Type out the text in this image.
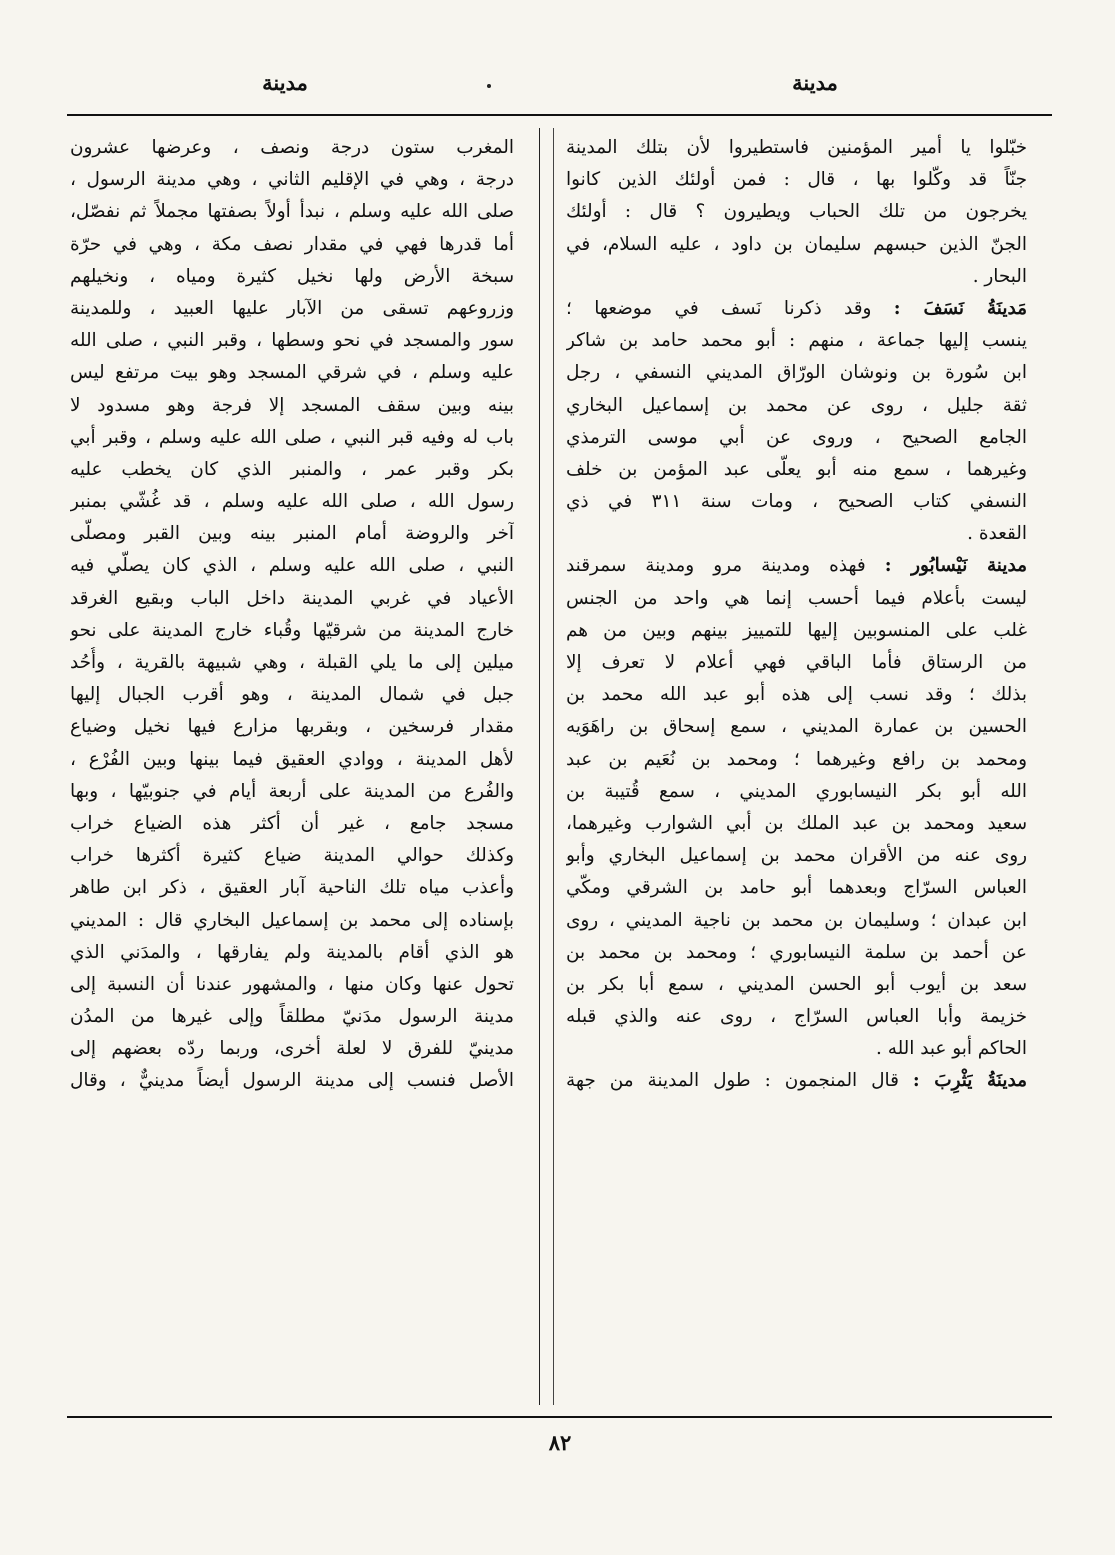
مدينة
مدينة
خبّلوا يا أمير المؤمنين فاستطيروا لأن بتلك المدينة
جنّاً قد وكّلوا بها ، قال : فمن أولئك الذين كانوا
يخرجون من تلك الحباب ويطيرون ؟ قال : أولئك
الجنّ الذين حبسهم سليمان بن داود ، عليه السلام، في
البحار .
مَدينَةُ نَسَفَ : وقد ذكرنا نَسف في موضعها ؛
ينسب إليها جماعة ، منهم : أبو محمد حامد بن شاكر
ابن سُورة بن ونوشان الورّاق المديني النسفي ، رجل
ثقة جليل ، روى عن محمد بن إسماعيل البخاري
الجامع الصحيح ، وروى عن أبي موسى الترمذي
وغيرهما ، سمع منه أبو يعلّى عبد المؤمن بن خلف
النسفي كتاب الصحيح ، ومات سنة ٣١١ في ذي
القعدة .
مدينة نَيْسابُور : فهذه ومدينة مرو ومدينة سمرقند
ليست بأعلام فيما أحسب إنما هي واحد من الجنس
غلب على المنسوبين إليها للتمييز بينهم وبين من هم
من الرستاق فأما الباقي فهي أعلام لا تعرف إلا
بذلك ؛ وقد نسب إلى هذه أبو عبد الله محمد بن
الحسين بن عمارة المديني ، سمع إسحاق بن راهَوَيه
ومحمد بن رافع وغيرهما ؛ ومحمد بن نُعَيم بن عبد
الله أبو بكر النيسابوري المديني ، سمع قُتيبة بن
سعيد ومحمد بن عبد الملك بن أبي الشوارب وغيرهما،
روى عنه من الأقران محمد بن إسماعيل البخاري وأبو
العباس السرّاج وبعدهما أبو حامد بن الشرقي ومكّي
ابن عبدان ؛ وسليمان بن محمد بن ناجية المديني ، روى
عن أحمد بن سلمة النيسابوري ؛ ومحمد بن محمد بن
سعد بن أيوب أبو الحسن المديني ، سمع أبا بكر بن
خزيمة وأبا العباس السرّاج ، روى عنه والذي قبله
الحاكم أبو عبد الله .
مدينَةُ يَثْرِبَ : قال المنجمون : طول المدينة من جهة
المغرب ستون درجة ونصف ، وعرضها عشرون
درجة ، وهي في الإقليم الثاني ، وهي مدينة الرسول ،
صلى الله عليه وسلم ، نبدأ أولاً بصفتها مجملاً ثم نفصّل،
أما قدرها فهي في مقدار نصف مكة ، وهي في حرّة
سبخة الأرض ولها نخيل كثيرة ومياه ، ونخيلهم
وزروعهم تسقى من الآبار عليها العبيد ، وللمدينة
سور والمسجد في نحو وسطها ، وقبر النبي ، صلى الله
عليه وسلم ، في شرقي المسجد وهو بيت مرتفع ليس
بينه وبين سقف المسجد إلا فرجة وهو مسدود لا
باب له وفيه قبر النبي ، صلى الله عليه وسلم ، وقبر أبي
بكر وقبر عمر ، والمنبر الذي كان يخطب عليه
رسول الله ، صلى الله عليه وسلم ، قد غُشّي بمنبر
آخر والروضة أمام المنبر بينه وبين القبر ومصلّى
النبي ، صلى الله عليه وسلم ، الذي كان يصلّي فيه
الأعياد في غربي المدينة داخل الباب وبقيع الغرقد
خارج المدينة من شرقيّها وقُباء خارج المدينة على نحو
ميلين إلى ما يلي القبلة ، وهي شبيهة بالقرية ، وأُحُد
جبل في شمال المدينة ، وهو أقرب الجبال إليها
مقدار فرسخين ، وبقربها مزارع فيها نخيل وضياع
لأهل المدينة ، ووادي العقيق فيما بينها وبين الفُرْع ،
والفُرع من المدينة على أربعة أيام في جنوبيّها ، وبها
مسجد جامع ، غير أن أكثر هذه الضياع خراب
وكذلك حوالي المدينة ضياع كثيرة أكثرها خراب
وأعذب مياه تلك الناحية آبار العقيق ، ذكر ابن طاهر
بإسناده إلى محمد بن إسماعيل البخاري قال : المديني
هو الذي أقام بالمدينة ولم يفارقها ، والمدَني الذي
تحول عنها وكان منها ، والمشهور عندنا أن النسبة إلى
مدينة الرسول مدَنيّ مطلقاً وإلى غيرها من المدُن
مدينيّ للفرق لا لعلة أخرى، وربما ردّه بعضهم إلى
الأصل فنسب إلى مدينة الرسول أيضاً مدينيٌّ ، وقال
٨٢
